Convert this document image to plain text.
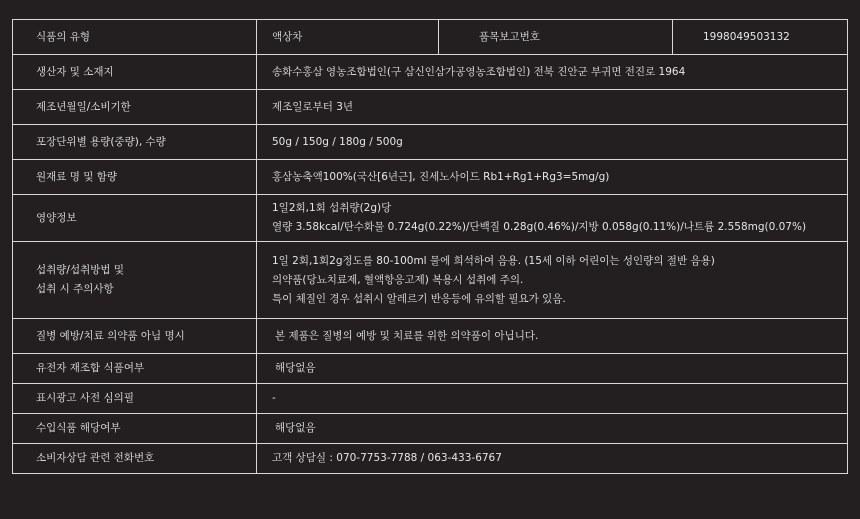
식품의 유형	액상차	품목보고번호	1998049503132
생산자 및 소재지	송화수홍삼 영농조합법인(구 삼신인삼가공영농조합법인) 전북 진안군 부귀면 전진로 1964		

제조년월일/소비기한	제조일로부터 3년		

포장단위별 용량(중량), 수량	50g / 150g / 180g / 500g		

원재료 명 및 함량	홍삼농축액100%(국산[6년근], 진세노사이드 Rb1+Rg1+Rg3=5mg/g)		

영양정보	1일2회,1회 섭취량(2g)당
열량 3.58kcal/탄수화물 0.724g(0.22%)/단백질 0.28g(0.46%)/지방 0.058g(0.11%)/나트륨 2.558mg(0.07%)		

섭취량/섭취방법 및
섭취 시 주의사항	1일 2회,1회2g정도를 80-100ml 물에 희석하여 음용. (15세 이하 어린이는 성인량의 절반 음용)
의약품(당뇨치료제, 혈액항응고제) 복용시 섭취에 주의.
특이 체질인 경우 섭취시 알레르기 반응등에 유의할 필요가 있음.		

질병 예방/치료 의약품 아님 명시	본 제품은 질병의 예방 및 치료를 위한 의약품이 아닙니다.		

유전자 재조합 식품여부	해당없음		

표시광고 사전 심의필	-		

수입식품 해당여부	해당없음		

소비자상담 관련 전화번호	고객 상담실 : 070-7753-7788 / 063-433-6767		
